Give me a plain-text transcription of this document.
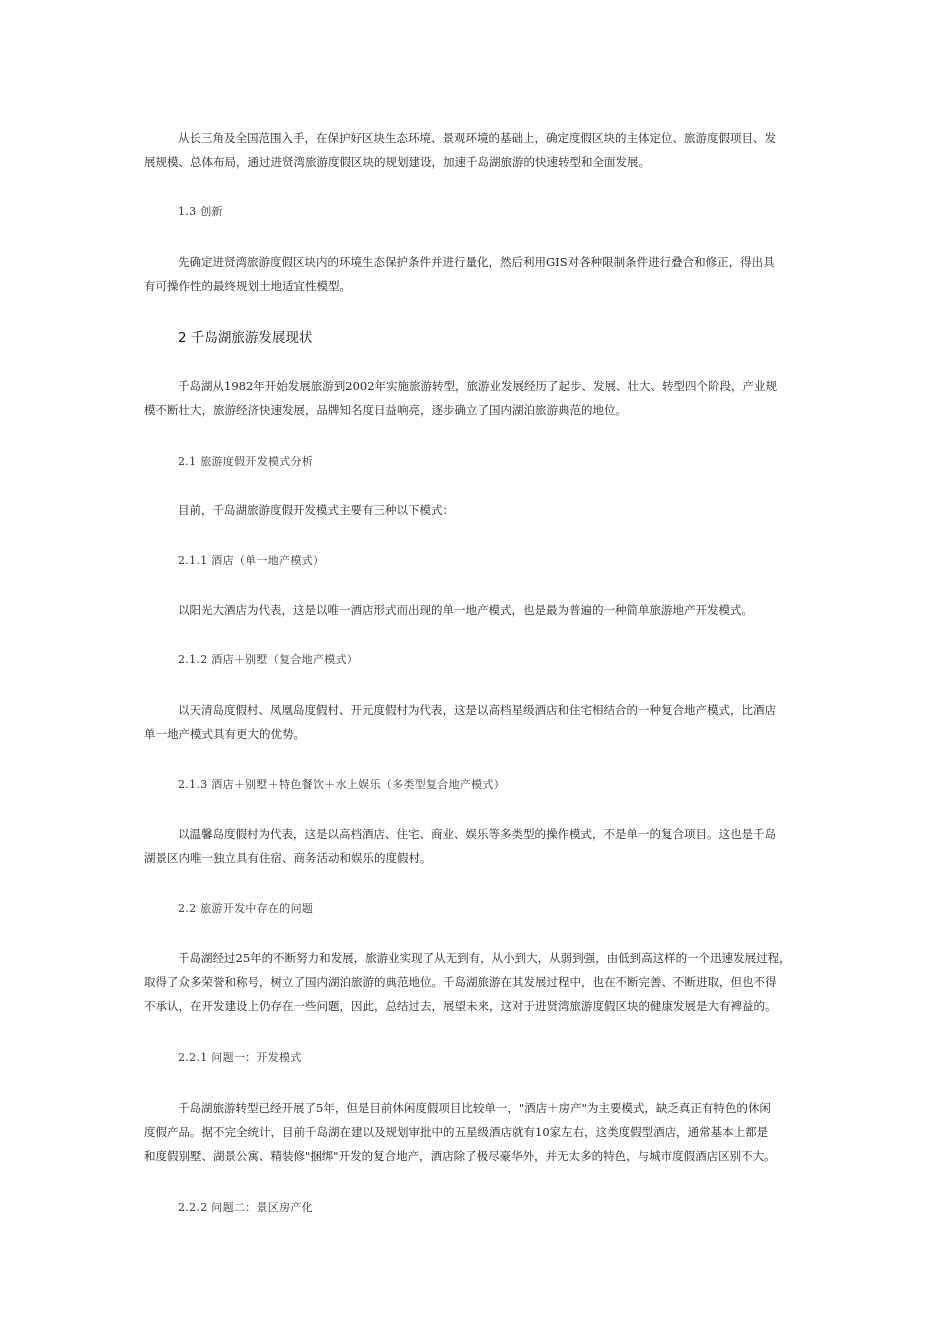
从长三角及全国范围入手，在保护好区块生态环境、景观环境的基础上，确定度假区块的主体定位、旅游度假项目、发
展规模、总体布局，通过进贤湾旅游度假区块的规划建设，加速千岛湖旅游的快速转型和全面发展。
1.3 创新
先确定进贤湾旅游度假区块内的环境生态保护条件并进行量化，然后利用GIS对各种限制条件进行叠合和修正，得出具
有可操作性的最终规划土地适宜性模型。
2 千岛湖旅游发展现状
千岛湖从1982年开始发展旅游到2002年实施旅游转型，旅游业发展经历了起步、发展、壮大、转型四个阶段，产业规
模不断壮大，旅游经济快速发展，品牌知名度日益响亮，逐步确立了国内湖泊旅游典范的地位。
2.1 旅游度假开发模式分析
目前，千岛湖旅游度假开发模式主要有三种以下模式：
2.1.1 酒店（单一地产模式）
以阳光大酒店为代表，这是以唯一酒店形式而出现的单一地产模式，也是最为普遍的一种简单旅游地产开发模式。
2.1.2 酒店＋别墅（复合地产模式）
以天清岛度假村、凤凰岛度假村、开元度假村为代表，这是以高档星级酒店和住宅相结合的一种复合地产模式，比酒店
单一地产模式具有更大的优势。
2.1.3 酒店＋别墅＋特色餐饮＋水上娱乐（多类型复合地产模式）
以温馨岛度假村为代表，这是以高档酒店、住宅、商业、娱乐等多类型的操作模式，不是单一的复合项目。这也是千岛
湖景区内唯一独立具有住宿、商务活动和娱乐的度假村。
2.2 旅游开发中存在的问题
千岛湖经过25年的不断努力和发展，旅游业实现了从无到有，从小到大，从弱到强，由低到高这样的一个迅速发展过程，
取得了众多荣誉和称号，树立了国内湖泊旅游的典范地位。千岛湖旅游在其发展过程中，也在不断完善、不断进取，但也不得
不承认，在开发建设上仍存在一些问题，因此，总结过去，展望未来，这对于进贤湾旅游度假区块的健康发展是大有裨益的。
2.2.1 问题一：开发模式
千岛湖旅游转型已经开展了5年，但是目前休闲度假项目比较单一，"酒店＋房产"为主要模式，缺乏真正有特色的休闲
度假产品。据不完全统计，目前千岛湖在建以及规划审批中的五星级酒店就有10家左右，这类度假型酒店，通常基本上都是
和度假别墅、湖景公寓、精装修"捆绑"开发的复合地产，酒店除了极尽豪华外，并无太多的特色，与城市度假酒店区别不大。
2.2.2 问题二：景区房产化
